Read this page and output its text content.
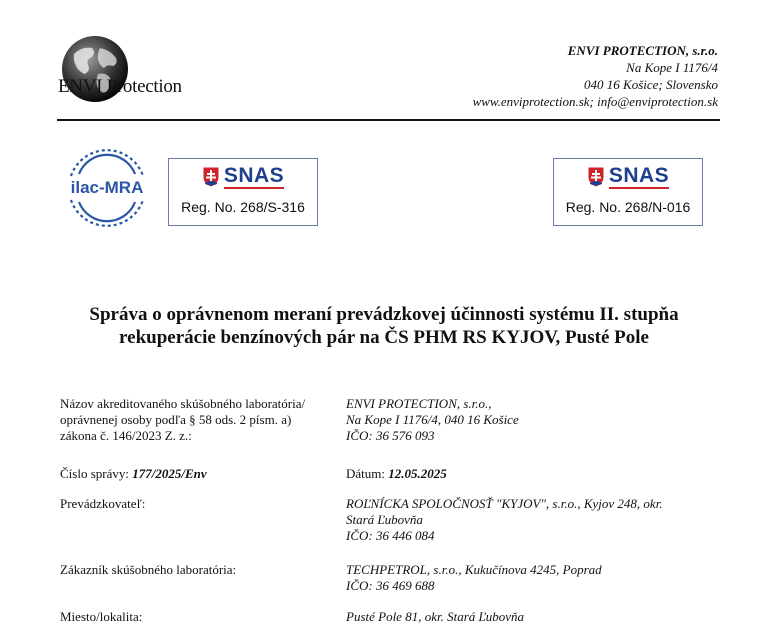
ENVI Protection
ENVI PROTECTION, s.r.o.
Na Kope I 1176/4
040 16 Košice; Slovensko
www.enviprotection.sk; info@enviprotection.sk
ilac-MRA
SNAS
Reg. No. 268/S-316
SNAS
Reg. No. 268/N-016
Správa o oprávnenom meraní prevádzkovej účinnosti systému II. stupňa
rekuperácie benzínových pár na ČS PHM RS KYJOV, Pusté Pole
Názov akreditovaného skúšobného laboratória/
oprávnenej osoby podľa § 58 ods. 2 písm. a)
zákona č. 146/2023 Z. z.:
ENVI PROTECTION, s.r.o.,
Na Kope I 1176/4, 040 16 Košice
IČO: 36 576 093
Číslo správy: 177/2025/Env	Dátum: 12.05.2025
Prevádzkovateľ:	ROĽNÍCKA SPOLOČNOSŤ "KYJOV", s.r.o., Kyjov 248, okr.
Stará Ľubovňa
IČO: 36 446 084
Zákazník skúšobného laboratória:	TECHPETROL, s.r.o., Kukučínova 4245, Poprad
IČO: 36 469 688
Miesto/lokalita:	Pusté Pole 81, okr. Stará Ľubovňa
